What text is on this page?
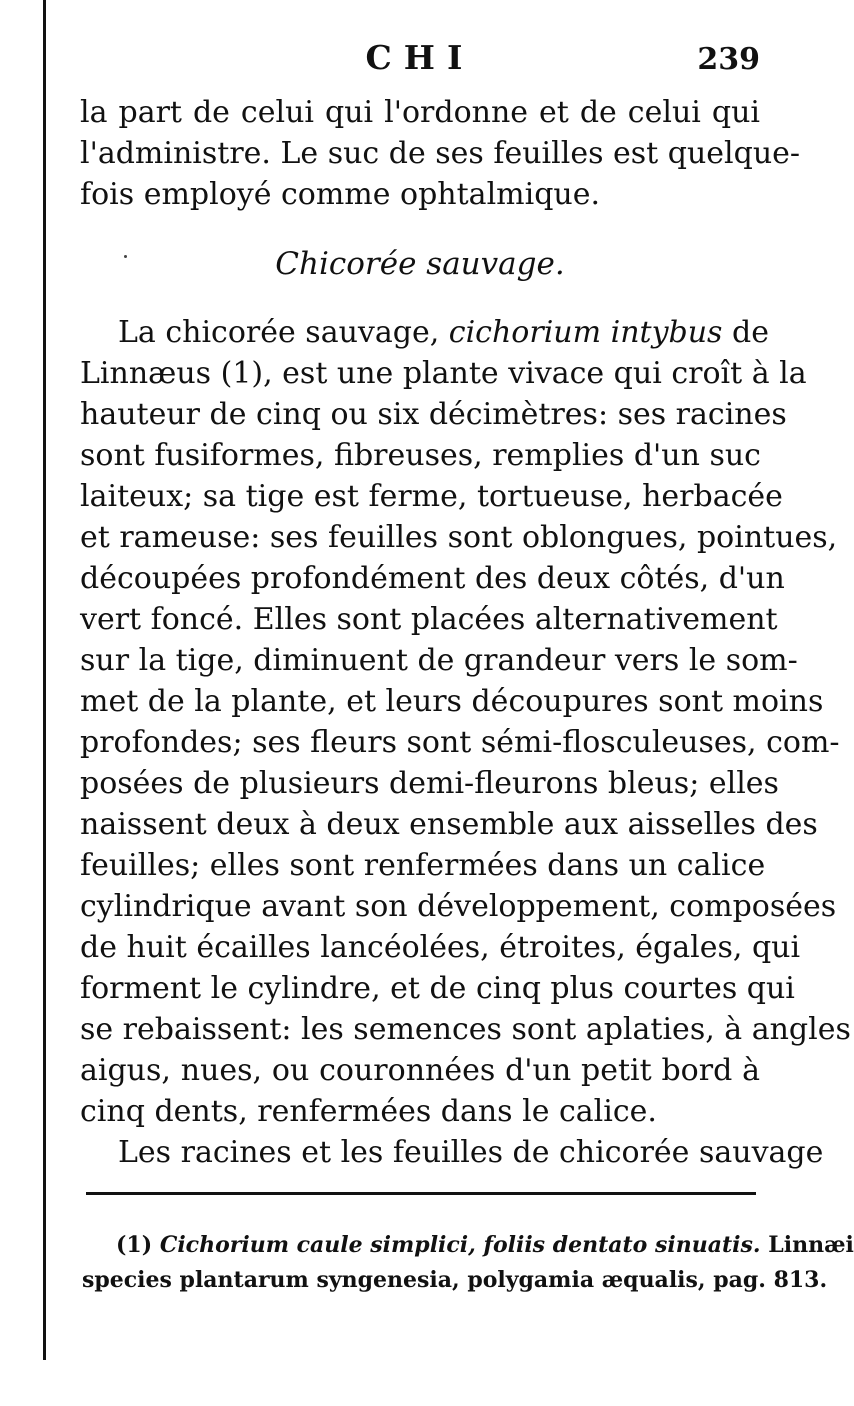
CHI	239
la part de celui qui l'ordonne et de celui qui
l'administre. Le suc de ses feuilles est quelque-
fois employé comme ophtalmique.
Chicorée sauvage.
La chicorée sauvage, cichorium intybus de
Linnæus (1), est une plante vivace qui croît à la
hauteur de cinq ou six décimètres: ses racines
sont fusiformes, fibreuses, remplies d'un suc
laiteux; sa tige est ferme, tortueuse, herbacée
et rameuse: ses feuilles sont oblongues, pointues,
découpées profondément des deux côtés, d'un
vert foncé. Elles sont placées alternativement
sur la tige, diminuent de grandeur vers le som-
met de la plante, et leurs découpures sont moins
profondes; ses fleurs sont sémi-flosculeuses, com-
posées de plusieurs demi-fleurons bleus; elles
naissent deux à deux ensemble aux aisselles des
feuilles; elles sont renfermées dans un calice
cylindrique avant son développement, composées
de huit écailles lancéolées, étroites, égales, qui
forment le cylindre, et de cinq plus courtes qui
se rebaissent: les semences sont aplaties, à angles
aigus, nues, ou couronnées d'un petit bord à
cinq dents, renfermées dans le calice.
Les racines et les feuilles de chicorée sauvage
(1) Cichorium caule simplici, foliis dentato sinuatis. Linnæi
species plantarum syngenesia, polygamia æqualis, pag. 813.
